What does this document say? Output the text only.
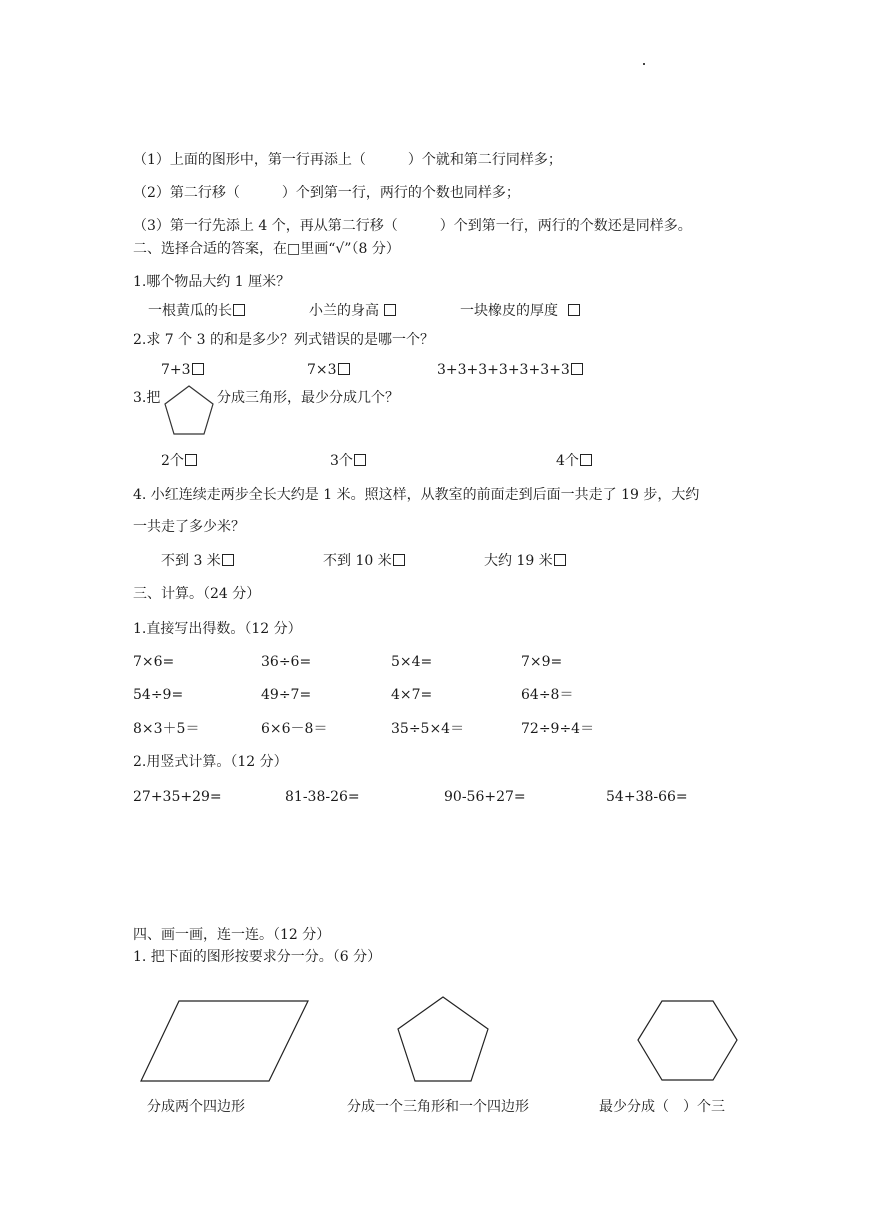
（1）上面的图形中，第一行再添上（　　　）个就和第二行同样多；
（2）第二行移（　　　）个到第一行，两行的个数也同样多；
（3）第一行先添上 4 个，再从第二行移（　　　）个到第一行，两行的个数还是同样多。
二、选择合适的答案，在□里画“√”（8 分）
1.哪个物品大约 1 厘米？
一根黄瓜的长	小兰的身高	一块橡皮的厚度
2.求 7 个 3 的和是多少？列式错误的是哪一个？
7+3	7×3	3+3+3+3+3+3+3
3.把	分成三角形，最少分成几个？
2个	3个	4个
4. 小红连续走两步全长大约是 1 米。照这样，从教室的前面走到后面一共走了 19 步，大约
一共走了多少米？
不到 3 米	不到 10 米	大约 19 米
三、计算。（24 分）
1.直接写出得数。（12 分）
7×6=	36÷6=	5×4=	7×9=
54÷9=	49÷7=	4×7=	64÷8＝
8×3＋5＝	6×6－8＝	35÷5×4＝	72÷9÷4＝
2.用竖式计算。（12 分）
27+35+29=	81-38-26=	90-56+27=	54+38-66=
四、画一画，连一连。（12 分）
1. 把下面的图形按要求分一分。（6 分）
分成两个四边形	分成一个三角形和一个四边形	最少分成（　）个三
